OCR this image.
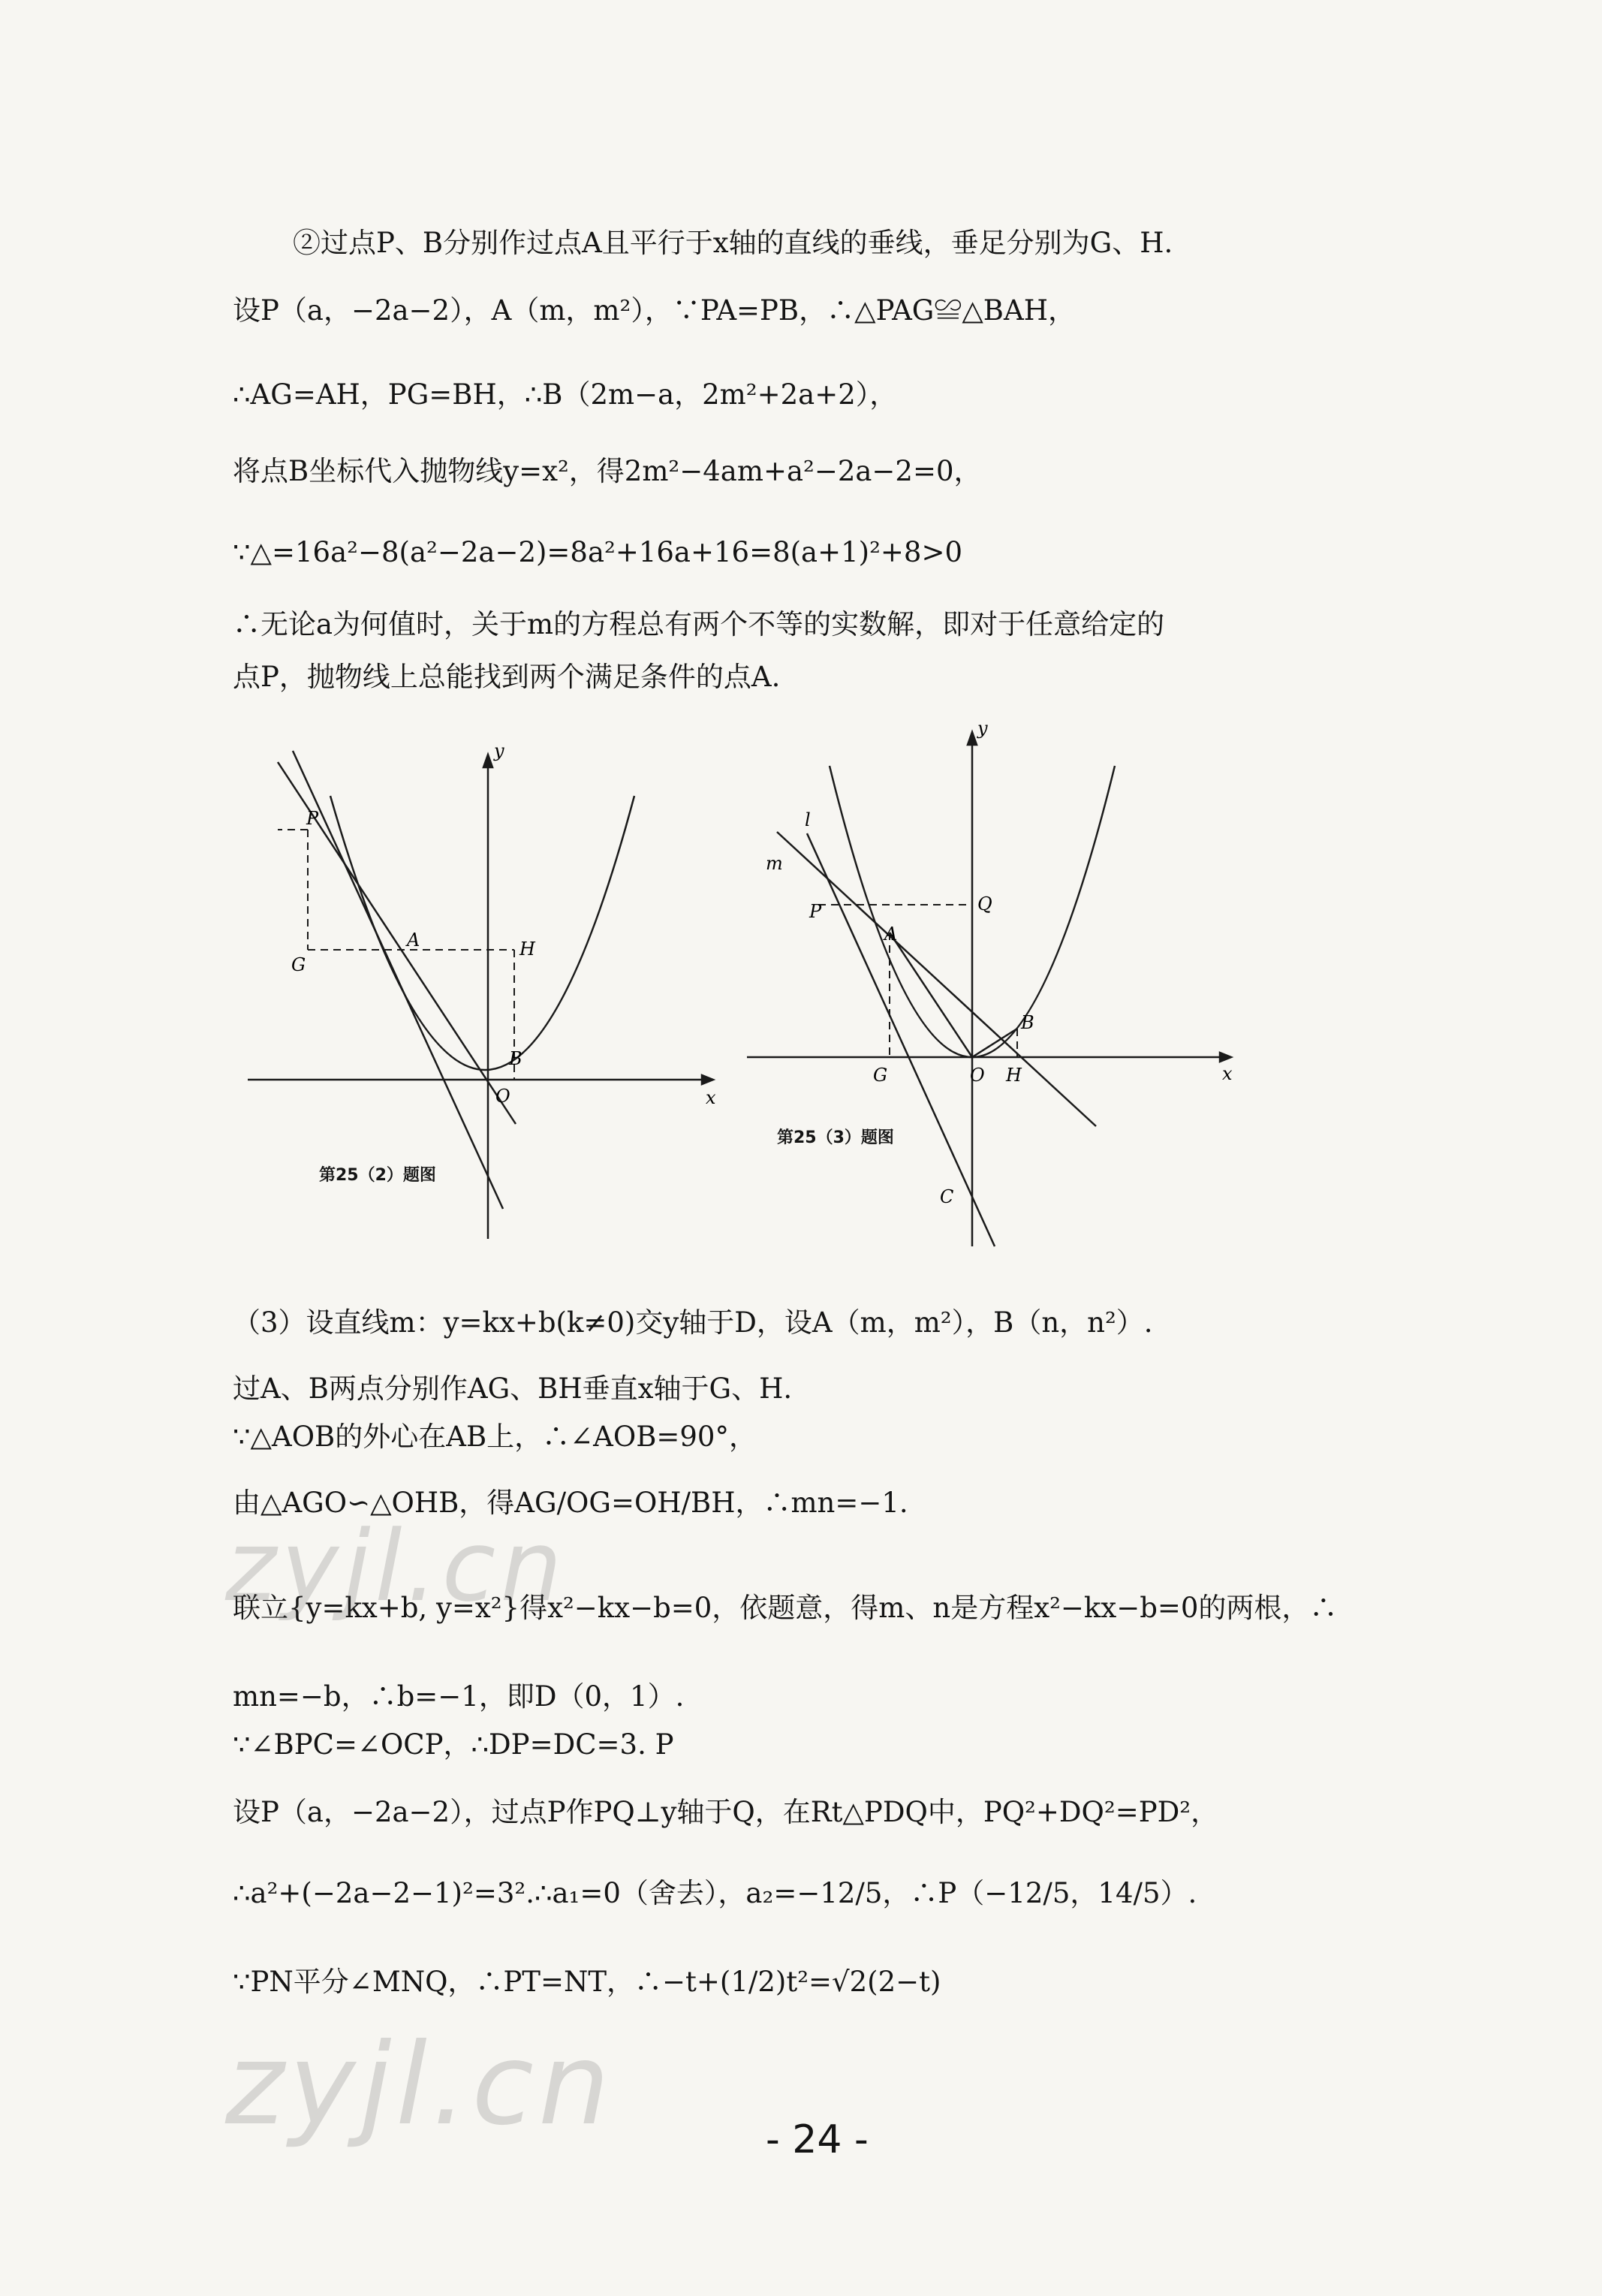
②过点P、B分别作过点A且平行于x轴的直线的垂线，垂足分别为G、H.
设P（a，−2a−2），A（m，m²），∵PA=PB，∴△PAG≌△BAH，
∴AG=AH，PG=BH，∴B（2m−a，2m²+2a+2），
将点B坐标代入抛物线y=x²，得2m²−4am+a²−2a−2=0，
∵△=16a²−8(a²−2a−2)=8a²+16a+16=8(a+1)²+8>0
∴无论a为何值时，关于m的方程总有两个不等的实数解，即对于任意给定的
点P，抛物线上总能找到两个满足条件的点A.
P
A
G
H
B
O	x
y
第25（2）题图
l
m
P	Q
A
B
G	O H
C
x
y
第25（3）题图
（3）设直线m：y=kx+b(k≠0)交y轴于D，设A（m，m²），B（n，n²）.
过A、B两点分别作AG、BH垂直x轴于G、H.
∵△AOB的外心在AB上，∴∠AOB=90°，
由△AGO∽△OHB，得AG/OG=OH/BH，∴mn=−1.
联立{y=kx+b, y=x²}得x²−kx−b=0，依题意，得m、n是方程x²−kx−b=0的两根，∴
mn=−b，∴b=−1，即D（0，1）.
∵∠BPC=∠OCP，∴DP=DC=3. P
设P（a，−2a−2），过点P作PQ⊥y轴于Q，在Rt△PDQ中，PQ²+DQ²=PD²，
∴a²+(−2a−2−1)²=3².∴a₁=0（舍去），a₂=−12/5，∴P（−12/5，14/5）.
∵PN平分∠MNQ，∴PT=NT，∴−t+(1/2)t²=√2(2−t)
zyjl.cn
zyjl.cn	- 24 -
